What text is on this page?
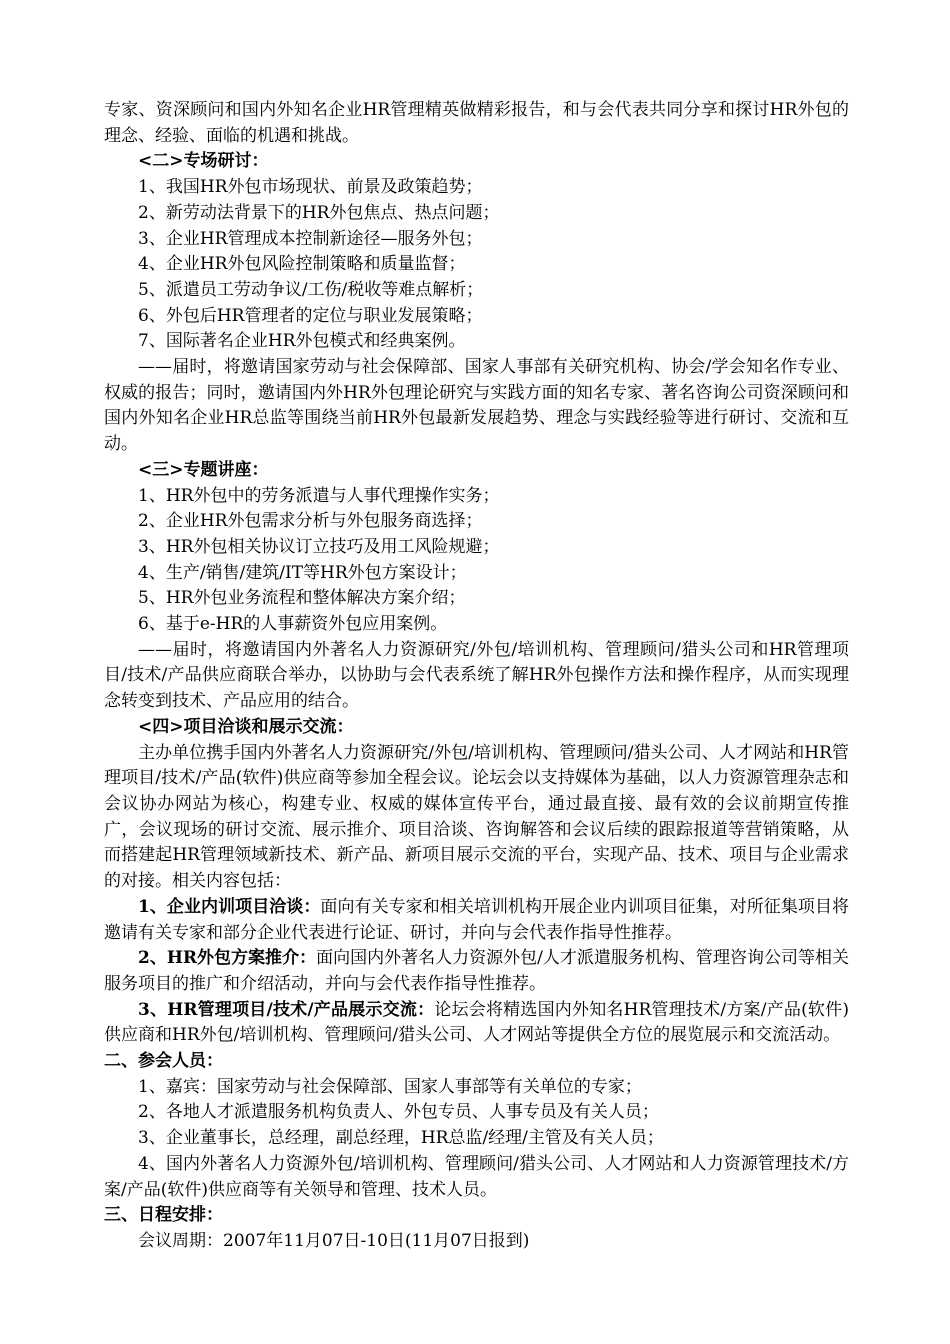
专家、资深顾问和国内外知名企业HR管理精英做精彩报告，和与会代表共同分享和探讨HR外包的理念、经验、面临的机遇和挑战。

<二>专场研讨：

1、我国HR外包市场现状、前景及政策趋势；

2、新劳动法背景下的HR外包焦点、热点问题；

3、企业HR管理成本控制新途径—服务外包；

4、企业HR外包风险控制策略和质量监督；

5、派遣员工劳动争议/工伤/税收等难点解析；

6、外包后HR管理者的定位与职业发展策略；

7、国际著名企业HR外包模式和经典案例。

——届时，将邀请国家劳动与社会保障部、国家人事部有关研究机构、协会/学会知名作专业、权威的报告；同时，邀请国内外HR外包理论研究与实践方面的知名专家、著名咨询公司资深顾问和国内外知名企业HR总监等围绕当前HR外包最新发展趋势、理念与实践经验等进行研讨、交流和互动。

<三>专题讲座：

1、HR外包中的劳务派遣与人事代理操作实务；

2、企业HR外包需求分析与外包服务商选择；

3、HR外包相关协议订立技巧及用工风险规避；

4、生产/销售/建筑/IT等HR外包方案设计；

5、HR外包业务流程和整体解决方案介绍；

6、基于e-HR的人事薪资外包应用案例。

——届时，将邀请国内外著名人力资源研究/外包/培训机构、管理顾问/猎头公司和HR管理项目/技术/产品供应商联合举办，以协助与会代表系统了解HR外包操作方法和操作程序，从而实现理念转变到技术、产品应用的结合。

<四>项目洽谈和展示交流：

主办单位携手国内外著名人力资源研究/外包/培训机构、管理顾问/猎头公司、人才网站和HR管理项目/技术/产品(软件)供应商等参加全程会议。论坛会以支持媒体为基础，以人力资源管理杂志和会议协办网站为核心，构建专业、权威的媒体宣传平台，通过最直接、最有效的会议前期宣传推广，会议现场的研讨交流、展示推介、项目洽谈、咨询解答和会议后续的跟踪报道等营销策略，从而搭建起HR管理领域新技术、新产品、新项目展示交流的平台，实现产品、技术、项目与企业需求的对接。相关内容包括：

1、企业内训项目洽谈：面向有关专家和相关培训机构开展企业内训项目征集，对所征集项目将邀请有关专家和部分企业代表进行论证、研讨，并向与会代表作指导性推荐。

2、HR外包方案推介：面向国内外著名人力资源外包/人才派遣服务机构、管理咨询公司等相关服务项目的推广和介绍活动，并向与会代表作指导性推荐。

3、HR管理项目/技术/产品展示交流：论坛会将精选国内外知名HR管理技术/方案/产品(软件)供应商和HR外包/培训机构、管理顾问/猎头公司、人才网站等提供全方位的展览展示和交流活动。

二、参会人员：

1、嘉宾：国家劳动与社会保障部、国家人事部等有关单位的专家；

2、各地人才派遣服务机构负责人、外包专员、人事专员及有关人员；

3、企业董事长，总经理，副总经理，HR总监/经理/主管及有关人员；

4、国内外著名人力资源外包/培训机构、管理顾问/猎头公司、人才网站和人力资源管理技术/方案/产品(软件)供应商等有关领导和管理、技术人员。

三、日程安排：

会议周期：2007年11月07日-10日(11月07日报到)
